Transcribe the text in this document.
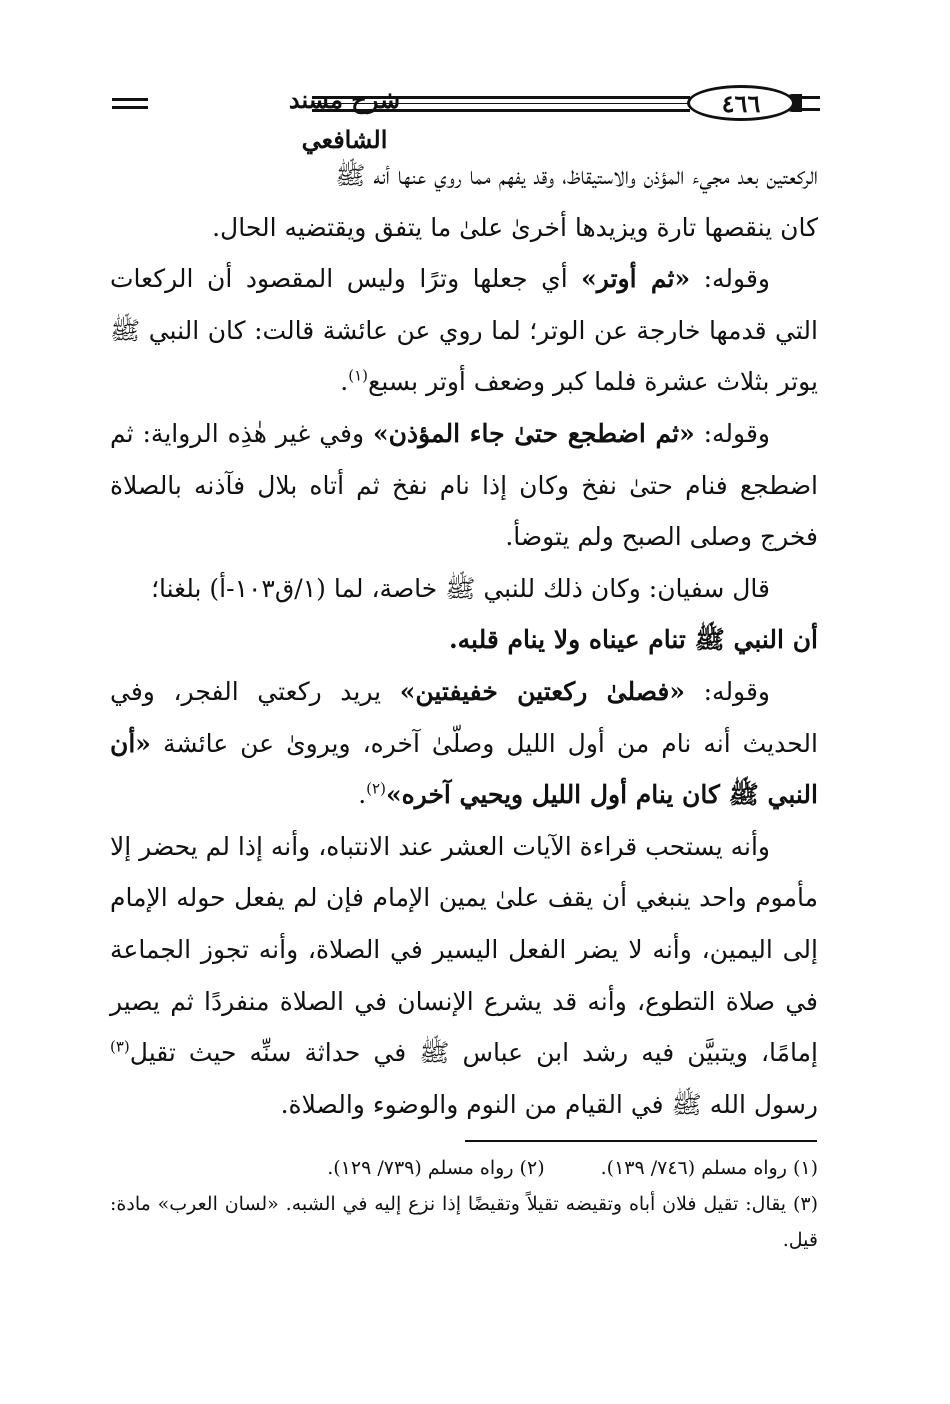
شرح مسند الشافعي
٤٦٦

الركعتين بعد مجيء المؤذن والاستيقاظ، وقد يفهم مما روي عنها أنه ﷺ
كان ينقصها تارة ويزيدها أخرىٰ علىٰ ما يتفق ويقتضيه الحال.

وقوله: «ثم أوتر» أي جعلها وترًا وليس المقصود أن الركعات التي قدمها خارجة عن الوتر؛ لما روي عن عائشة قالت: كان النبي ﷺ يوتر بثلاث عشرة فلما كبر وضعف أوتر بسبع$^{(١)}$.

وقوله: «ثم اضطجع حتىٰ جاء المؤذن» وفي غير هٰذِه الرواية: ثم اضطجع فنام حتىٰ نفخ وكان إذا نام نفخ ثم أتاه بلال فآذنه بالصلاة فخرج وصلى الصبح ولم يتوضأ.

قال سفيان: وكان ذلك للنبي ﷺ خاصة، لما (١/ق١٠٣-أ) بلغنا؛
أن النبي ﷺ تنام عيناه ولا ينام قلبه.

وقوله: «فصلىٰ ركعتين خفيفتين» يريد ركعتي الفجر، وفي الحديث أنه نام من أول الليل وصلّىٰ آخره، ويروىٰ عن عائشة «أن النبي ﷺ كان ينام أول الليل ويحيي آخره»$^{(٢)}$.

وأنه يستحب قراءة الآيات العشر عند الانتباه، وأنه إذا لم يحضر إلا مأموم واحد ينبغي أن يقف علىٰ يمين الإمام فإن لم يفعل حوله الإمام إلى اليمين، وأنه لا يضر الفعل اليسير في الصلاة، وأنه تجوز الجماعة في صلاة التطوع، وأنه قد يشرع الإنسان في الصلاة منفردًا ثم يصير إمامًا، ويتبيَّن فيه رشد ابن عباس ﷺ في حداثة سنِّه حيث تقيل$^{(٣)}$ رسول الله ﷺ في القيام من النوم والوضوء والصلاة.

(١) رواه مسلم (٧٤٦/ ١٣٩).
(٢) رواه مسلم (٧٣٩/ ١٢٩).
(٣) يقال: تقيل فلان أباه وتقيضه تقيلاً وتقيضًا إذا نزع إليه في الشبه. «لسان العرب» مادة: قيل.
